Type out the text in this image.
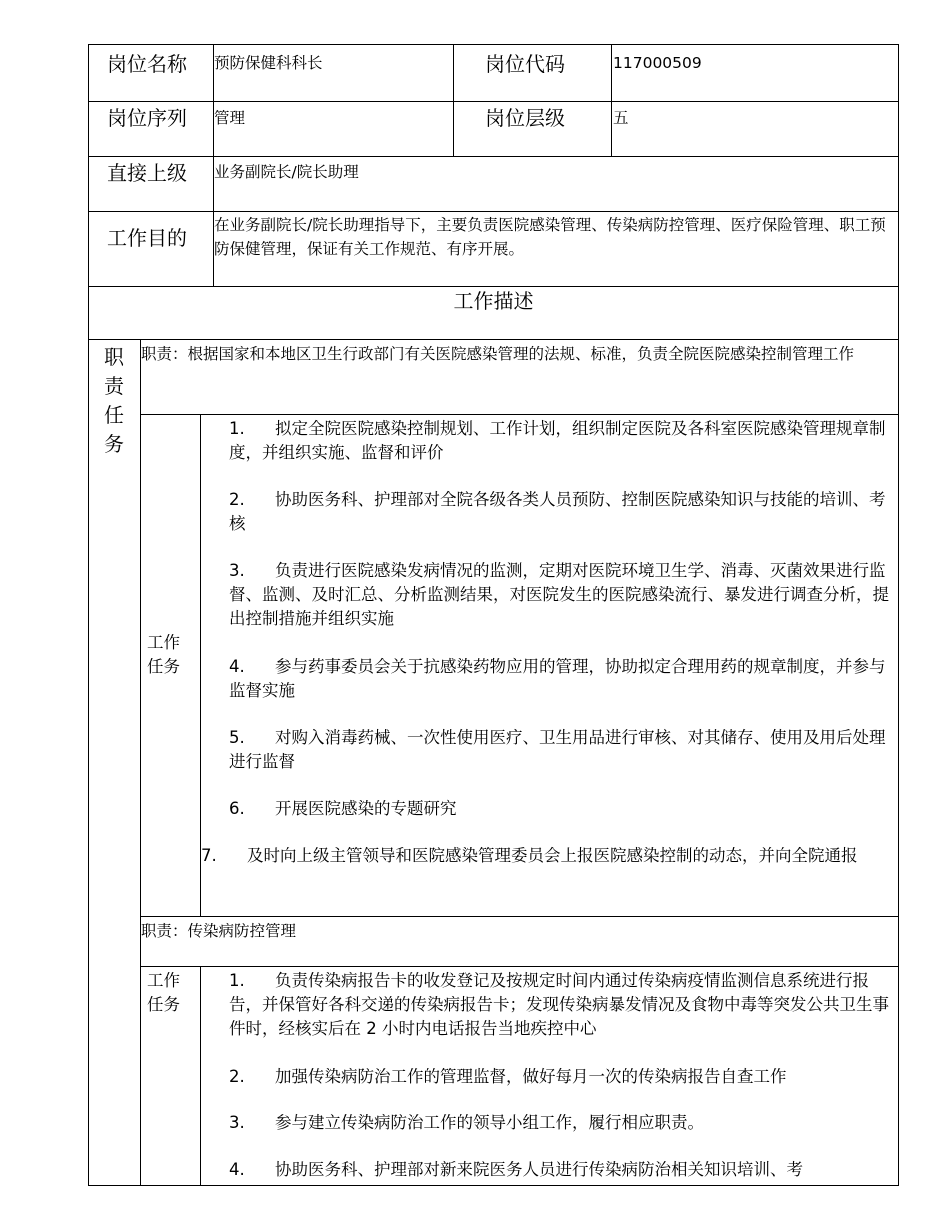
岗位名称 预防保健科科长	岗位代码	117000509
岗位序列 管理	岗位层级	五
直接上级 业务副院长/院长助理
工作目的
在业务副院长/院长助理指导下，主要负责医院感染管理、传染病防控管理、医疗保险管理、职工预防保健管理，保证有关工作规范、有序开展。
工作描述
职
责
任
务
职责：根据国家和本地区卫生行政部门有关医院感染管理的法规、标准，负责全院医院感染控制管理工作
工作任务
1. 拟定全院医院感染控制规划、工作计划，组织制定医院及各科室医院感染管理规章制度，并组织实施、监督和评价
2. 协助医务科、护理部对全院各级各类人员预防、控制医院感染知识与技能的培训、考核
3. 负责进行医院感染发病情况的监测，定期对医院环境卫生学、消毒、灭菌效果进行监督、监测、及时汇总、分析监测结果，对医院发生的医院感染流行、暴发进行调查分析，提出控制措施并组织实施
4. 参与药事委员会关于抗感染药物应用的管理，协助拟定合理用药的规章制度，并参与监督实施
5. 对购入消毒药械、一次性使用医疗、卫生用品进行审核、对其储存、使用及用后处理进行监督
6. 开展医院感染的专题研究
7. 及时向上级主管领导和医院感染管理委员会上报医院感染控制的动态，并向全院通报
职责：传染病防控管理
工作任务
1. 负责传染病报告卡的收发登记及按规定时间内通过传染病疫情监测信息系统进行报告，并保管好各科交递的传染病报告卡；发现传染病暴发情况及食物中毒等突发公共卫生事件时，经核实后在 2 小时内电话报告当地疾控中心
2. 加强传染病防治工作的管理监督，做好每月一次的传染病报告自查工作
3. 参与建立传染病防治工作的领导小组工作，履行相应职责。
4. 协助医务科、护理部对新来院医务人员进行传染病防治相关知识培训、考
